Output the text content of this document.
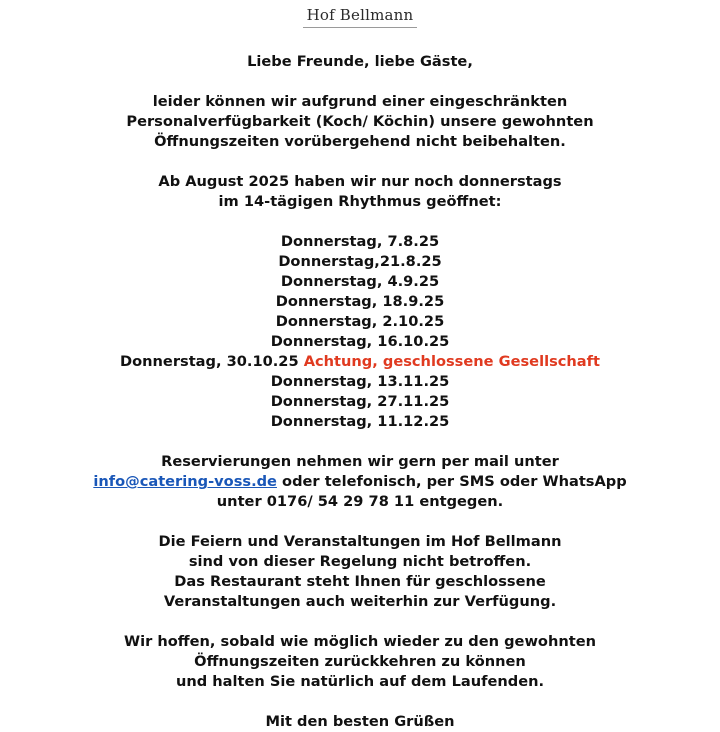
Hof Bellmann
Liebe Freunde, liebe Gäste,
leider können wir aufgrund einer eingeschränkten
Personalverfügbarkeit (Koch/ Köchin) unsere gewohnten
Öffnungszeiten vorübergehend nicht beibehalten.
Ab August 2025 haben wir nur noch donnerstags
im 14-tägigen Rhythmus geöffnet:
Donnerstag, 7.8.25
Donnerstag,21.8.25
Donnerstag, 4.9.25
Donnerstag, 18.9.25
Donnerstag, 2.10.25
Donnerstag, 16.10.25
Donnerstag, 30.10.25 Achtung, geschlossene Gesellschaft
Donnerstag, 13.11.25
Donnerstag, 27.11.25
Donnerstag, 11.12.25
Reservierungen nehmen wir gern per mail unter
info@catering-voss.de oder telefonisch, per SMS oder WhatsApp
unter 0176/ 54 29 78 11 entgegen.
Die Feiern und Veranstaltungen im Hof Bellmann
sind von dieser Regelung nicht betroffen.
Das Restaurant steht Ihnen für geschlossene
Veranstaltungen auch weiterhin zur Verfügung.
Wir hoffen, sobald wie möglich wieder zu den gewohnten
Öffnungszeiten zurückkehren zu können
und halten Sie natürlich auf dem Laufenden.
Mit den besten Grüßen
